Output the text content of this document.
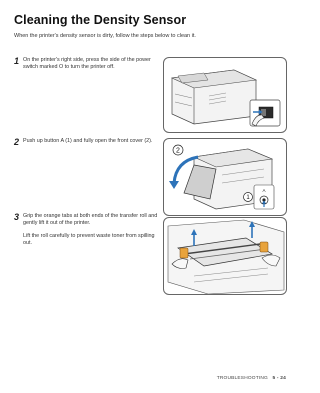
Cleaning the Density Sensor
When the printer's density sensor is dirty, follow the steps below to clean it.
1 On the printer's right side, press the side of the power switch marked O to turn the printer off.
2 Push up button A (1) and fully open the front cover (2).
A
1
2
3 Grip the orange tabs at both ends of the transfer roll and gently lift it out of the printer.
Lift the roll carefully to prevent waste toner from spilling out.
TROUBLESHOOTING 5 - 24
